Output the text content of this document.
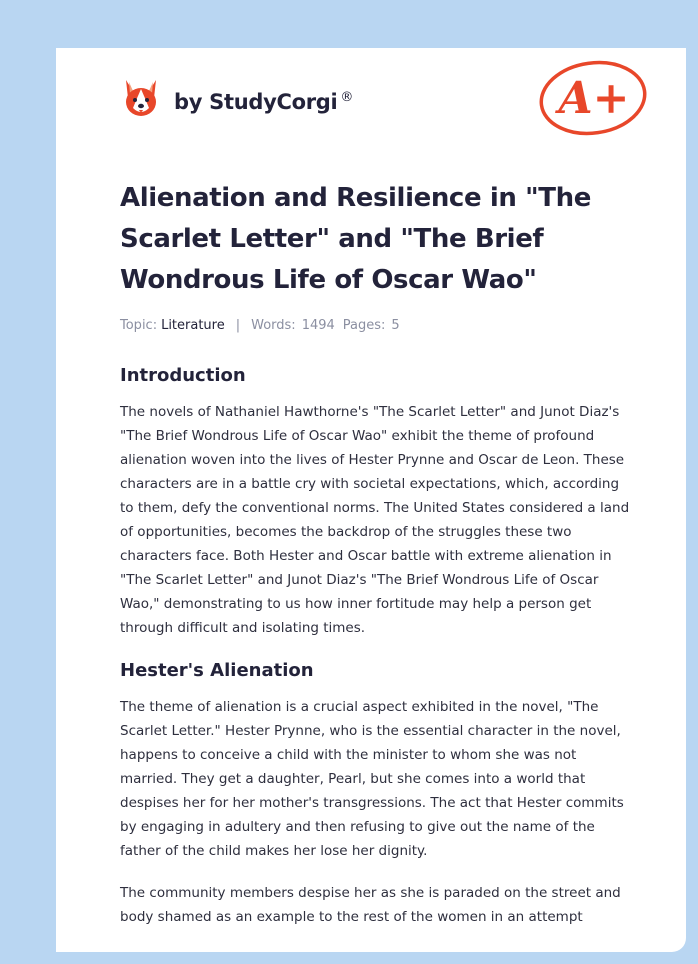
by StudyCorgi ®	A+
Alienation and Resilience in "The Scarlet Letter" and "The Brief Wondrous Life of Oscar Wao"
Topic: Literature | Words: 1494 Pages: 5
Introduction

The novels of Nathaniel Hawthorne's "The Scarlet Letter" and Junot Diaz's "The Brief Wondrous Life of Oscar Wao" exhibit the theme of profound alienation woven into the lives of Hester Prynne and Oscar de Leon. These characters are in a battle cry with societal expectations, which, according to them, defy the conventional norms. The United States considered a land of opportunities, becomes the backdrop of the struggles these two characters face. Both Hester and Oscar battle with extreme alienation in "The Scarlet Letter" and Junot Diaz's "The Brief Wondrous Life of Oscar Wao," demonstrating to us how inner fortitude may help a person get through difficult and isolating times.

Hester's Alienation

The theme of alienation is a crucial aspect exhibited in the novel, "The Scarlet Letter." Hester Prynne, who is the essential character in the novel, happens to conceive a child with the minister to whom she was not married. They get a daughter, Pearl, but she comes into a world that despises her for her mother's transgressions. The act that Hester commits by engaging in adultery and then refusing to give out the name of the father of the child makes her lose her dignity.

The community members despise her as she is paraded on the street and body shamed as an example to the rest of the women in an attempt
